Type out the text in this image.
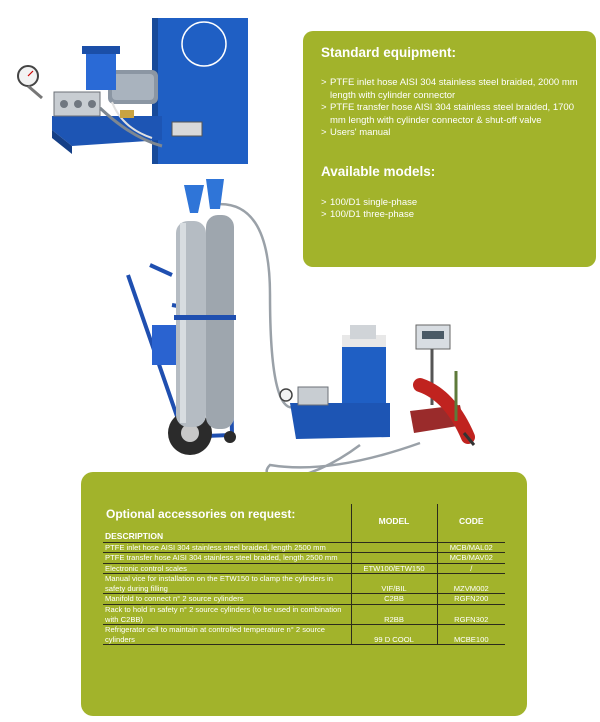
Standard equipment:
> PTFE inlet hose AISI 304 stainless steel braided, 2000 mm length with cylinder connector
> PTFE transfer hose AISI 304 stainless steel braided, 1700 mm length with cylinder connector & shut-off valve
> Users' manual
Available models:
> 100/D1 single-phase
> 100/D1 three-phase
Optional accessories on request:
DESCRIPTION	MODEL	CODE
PTFE inlet hose AISI 304 stainless steel braided, length 2500 mm		MCB/MAL02
PTFE transfer hose AISI 304 stainless steel braided, length 2500 mm		MCB/MAV02
Electronic control scales	ETW100/ETW150	/
Manual vice for installation on the ETW150 to clamp the cylinders in safety during filling	VIF/BIL	MZVM002
Manifold to connect n° 2 source cylinders	C2BB	RGFN200
Rack to hold in safety n° 2 source cylinders (to be used in combination with C2BB)	R2BB	RGFN302
Refrigerator cell to maintain at controlled temperature n° 2 source cylinders	99 D COOL	MCBE100
